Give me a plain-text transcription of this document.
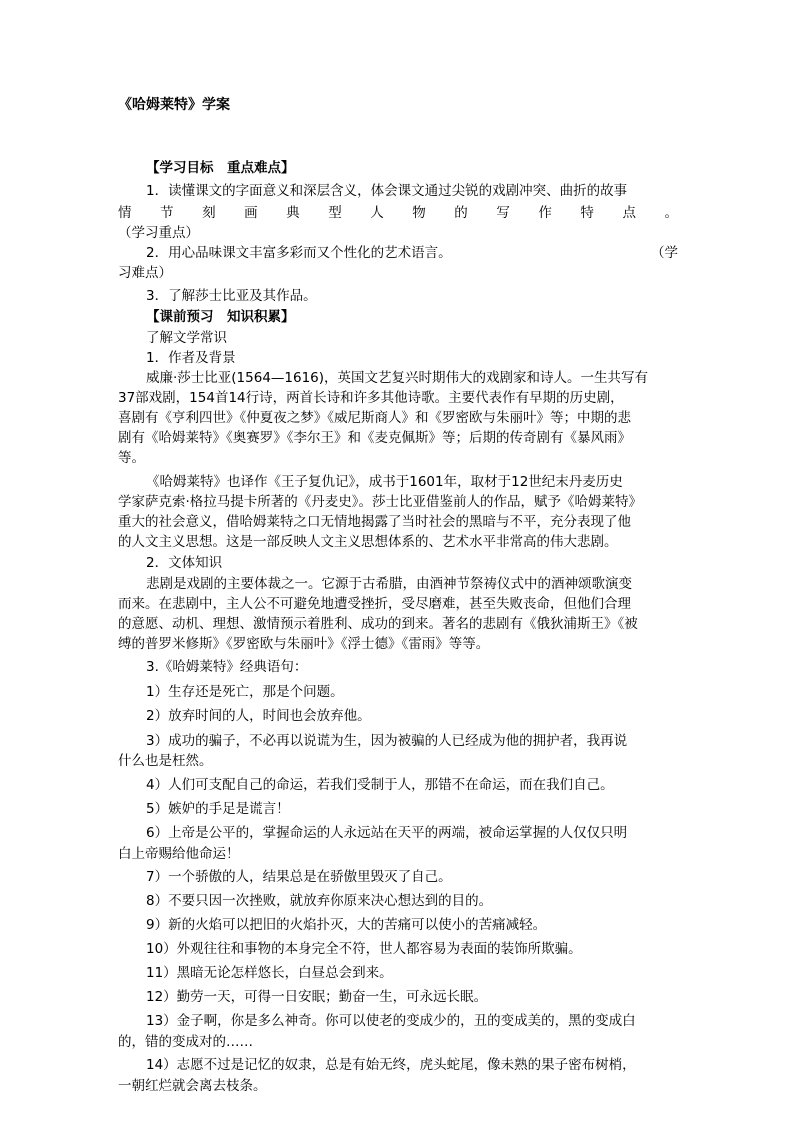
《哈姆莱特》学案
【学习目标　重点难点】
1．读懂课文的字面意义和深层含义，体会课文通过尖锐的戏剧冲突、曲折的故事
情　　节　　刻　　画　　典　　型　　人　　物　　的　　写　　作　　特　　点　　。
（学习重点）
2．用心品味课文丰富多彩而又个性化的艺术语言。	（学
习难点）
3．了解莎士比亚及其作品。
【课前预习　知识积累】
了解文学常识
1．作者及背景
威廉·莎士比亚(1564—1616)，英国文艺复兴时期伟大的戏剧家和诗人。一生共写有
37部戏剧，154首14行诗，两首长诗和许多其他诗歌。主要代表作有早期的历史剧，
喜剧有《亨利四世》《仲夏夜之梦》《威尼斯商人》和《罗密欧与朱丽叶》等；中期的悲
剧有《哈姆莱特》《奥赛罗》《李尔王》和《麦克佩斯》等；后期的传奇剧有《暴风雨》
等。
《哈姆莱特》也译作《王子复仇记》，成书于1601年，取材于12世纪末丹麦历史
学家萨克索·格拉马提卡所著的《丹麦史》。莎士比亚借鉴前人的作品，赋予《哈姆莱特》
重大的社会意义，借哈姆莱特之口无情地揭露了当时社会的黑暗与不平，充分表现了他
的人文主义思想。这是一部反映人文主义思想体系的、艺术水平非常高的伟大悲剧。
2．文体知识
悲剧是戏剧的主要体裁之一。它源于古希腊，由酒神节祭祷仪式中的酒神颂歌演变
而来。在悲剧中，主人公不可避免地遭受挫折，受尽磨难，甚至失败丧命，但他们合理
的意愿、动机、理想、激情预示着胜利、成功的到来。著名的悲剧有《俄狄浦斯王》《被
缚的普罗米修斯》《罗密欧与朱丽叶》《浮士德》《雷雨》等等。
3.《哈姆莱特》经典语句：
1）生存还是死亡，那是个问题。
2）放弃时间的人，时间也会放弃他。
3）成功的骗子，不必再以说谎为生，因为被骗的人已经成为他的拥护者，我再说
什么也是枉然。
4）人们可支配自己的命运，若我们受制于人，那错不在命运，而在我们自己。
5）嫉妒的手足是谎言！
6）上帝是公平的，掌握命运的人永远站在天平的两端，被命运掌握的人仅仅只明
白上帝赐给他命运！
7）一个骄傲的人，结果总是在骄傲里毁灭了自己。
8）不要只因一次挫败，就放弃你原来决心想达到的目的。
9）新的火焰可以把旧的火焰扑灭，大的苦痛可以使小的苦痛减轻。
10）外观往往和事物的本身完全不符，世人都容易为表面的装饰所欺骗。
11）黑暗无论怎样悠长，白昼总会到来。
12）勤劳一天，可得一日安眠；勤奋一生，可永远长眠。
13）金子啊，你是多么神奇。你可以使老的变成少的，丑的变成美的，黑的变成白
的，错的变成对的……
14）志愿不过是记忆的奴隶，总是有始无终，虎头蛇尾，像未熟的果子密布树梢，
一朝红烂就会离去枝条。
